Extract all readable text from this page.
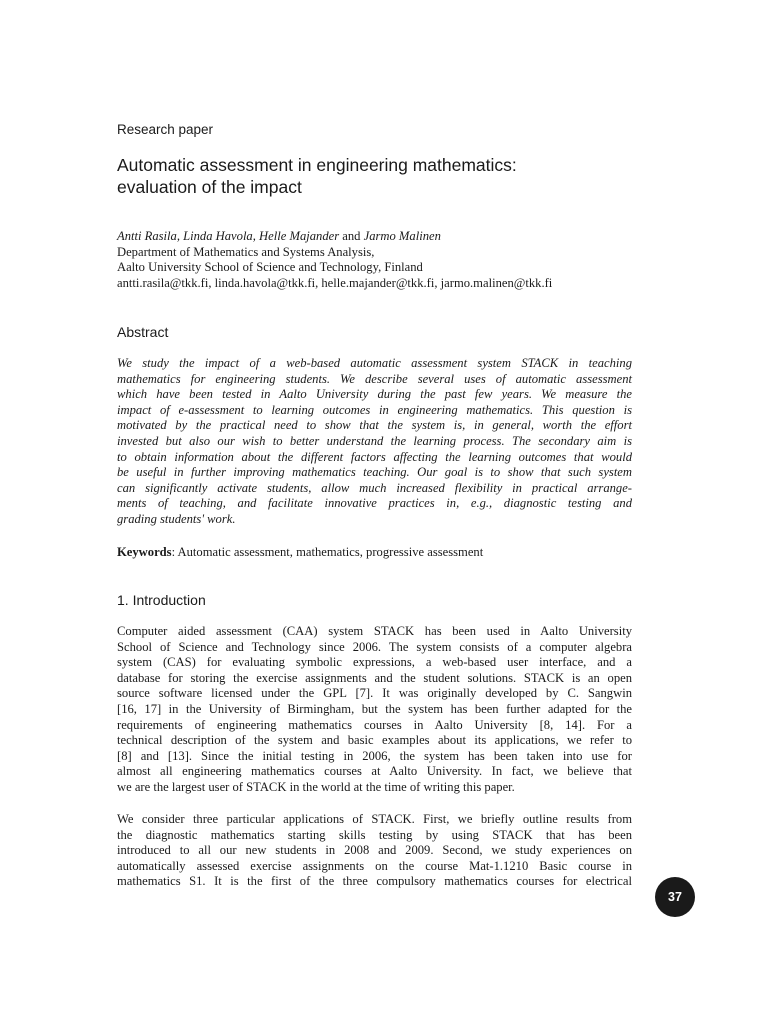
Research paper
Automatic assessment in engineering mathematics:
evaluation of the impact
Antti Rasila, Linda Havola, Helle Majander and Jarmo Malinen
Department of Mathematics and Systems Analysis,
Aalto University School of Science and Technology, Finland
antti.rasila@tkk.fi, linda.havola@tkk.fi, helle.majander@tkk.fi, jarmo.malinen@tkk.fi
Abstract

We study the impact of a web-based automatic assessment system STACK in teaching
mathematics for engineering students. We describe several uses of automatic assessment
which have been tested in Aalto University during the past few years. We measure the
impact of e-assessment to learning outcomes in engineering mathematics. This question is
motivated by the practical need to show that the system is, in general, worth the effort
invested but also our wish to better understand the learning process. The secondary aim is
to obtain information about the different factors affecting the learning outcomes that would
be useful in further improving mathematics teaching. Our goal is to show that such system
can significantly activate students, allow much increased flexibility in practical arrange-
ments of teaching, and facilitate innovative practices in, e.g., diagnostic testing and
grading students' work.

Keywords: Automatic assessment, mathematics, progressive assessment
1. Introduction

Computer aided assessment (CAA) system STACK has been used in Aalto University
School of Science and Technology since 2006. The system consists of a computer algebra
system (CAS) for evaluating symbolic expressions, a web-based user interface, and a
database for storing the exercise assignments and the student solutions. STACK is an open
source software licensed under the GPL [7]. It was originally developed by C. Sangwin
[16, 17] in the University of Birmingham, but the system has been further adapted for the
requirements of engineering mathematics courses in Aalto University [8, 14]. For a
technical description of the system and basic examples about its applications, we refer to
[8] and [13]. Since the initial testing in 2006, the system has been taken into use for
almost all engineering mathematics courses at Aalto University. In fact, we believe that
we are the largest user of STACK in the world at the time of writing this paper.

We consider three particular applications of STACK. First, we briefly outline results from
the diagnostic mathematics starting skills testing by using STACK that has been
introduced to all our new students in 2008 and 2009. Second, we study experiences on
automatically assessed exercise assignments on the course Mat-1.1210 Basic course in
mathematics S1. It is the first of the three compulsory mathematics courses for electrical

37
